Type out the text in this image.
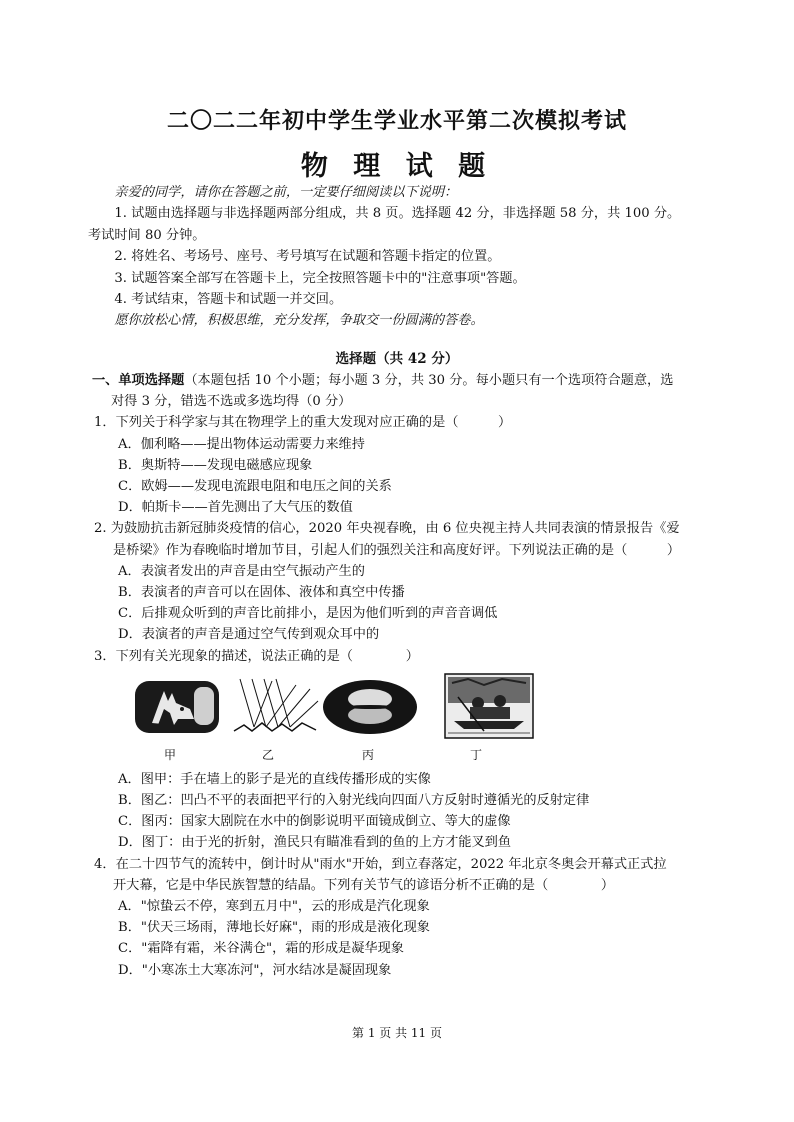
二〇二二年初中学生学业水平第二次模拟考试
物 理 试 题

亲爱的同学，请你在答题之前，一定要仔细阅读以下说明：

1. 试题由选择题与非选择题两部分组成，共 8 页。选择题 42 分，非选择题 58 分，共 100 分。
考试时间 80 分钟。

2. 将姓名、考场号、座号、考号填写在试题和答题卡指定的位置。

3. 试题答案全部写在答题卡上，完全按照答题卡中的"注意事项"答题。

4. 考试结束，答题卡和试题一并交回。

愿你放松心情，积极思维，充分发挥，争取交一份圆满的答卷。

选择题（共 42 分）

一、单项选择题（本题包括 10 个小题；每小题 3 分，共 30 分。每小题只有一个选项符合题意，选
对得 3 分，错选不选或多选均得（0 分）

1．下列关于科学家与其在物理学上的重大发现对应正确的是（　　　）
A．伽利略——提出物体运动需要力来维持
B．奥斯特——发现电磁感应现象
C．欧姆——发现电流跟电阻和电压之间的关系
D．帕斯卡——首先测出了大气压的数值
2. 为鼓励抗击新冠肺炎疫情的信心，2020 年央视春晚，由 6 位央视主持人共同表演的情景报告《爱
是桥梁》作为春晚临时增加节目，引起人们的强烈关注和高度好评。下列说法正确的是（　　　）
A．表演者发出的声音是由空气振动产生的
B．表演者的声音可以在固体、液体和真空中传播
C．后排观众听到的声音比前排小，是因为他们听到的声音音调低
D．表演者的声音是通过空气传到观众耳中的
3．下列有关光现象的描述，说法正确的是（　　　　）
甲	乙	丙	丁
A．图甲：手在墙上的影子是光的直线传播形成的实像
B．图乙：凹凸不平的表面把平行的入射光线向四面八方反射时遵循光的反射定律
C．图丙：国家大剧院在水中的倒影说明平面镜成倒立、等大的虚像
D．图丁：由于光的折射，渔民只有瞄准看到的鱼的上方才能叉到鱼
4．在二十四节气的流转中，倒计时从"雨水"开始，到立春落定，2022 年北京冬奥会开幕式正式拉
开大幕，它是中华民族智慧的结晶。下列有关节气的谚语分析不正确的是（　　　　）
A．"惊蛰云不停，寒到五月中"，云的形成是汽化现象
B．"伏天三场雨，薄地长好麻"，雨的形成是液化现象
C．"霜降有霜，米谷满仓"，霜的形成是凝华现象
D．"小寒冻土大寒冻河"，河水结冰是凝固现象
第 1 页 共 11 页
